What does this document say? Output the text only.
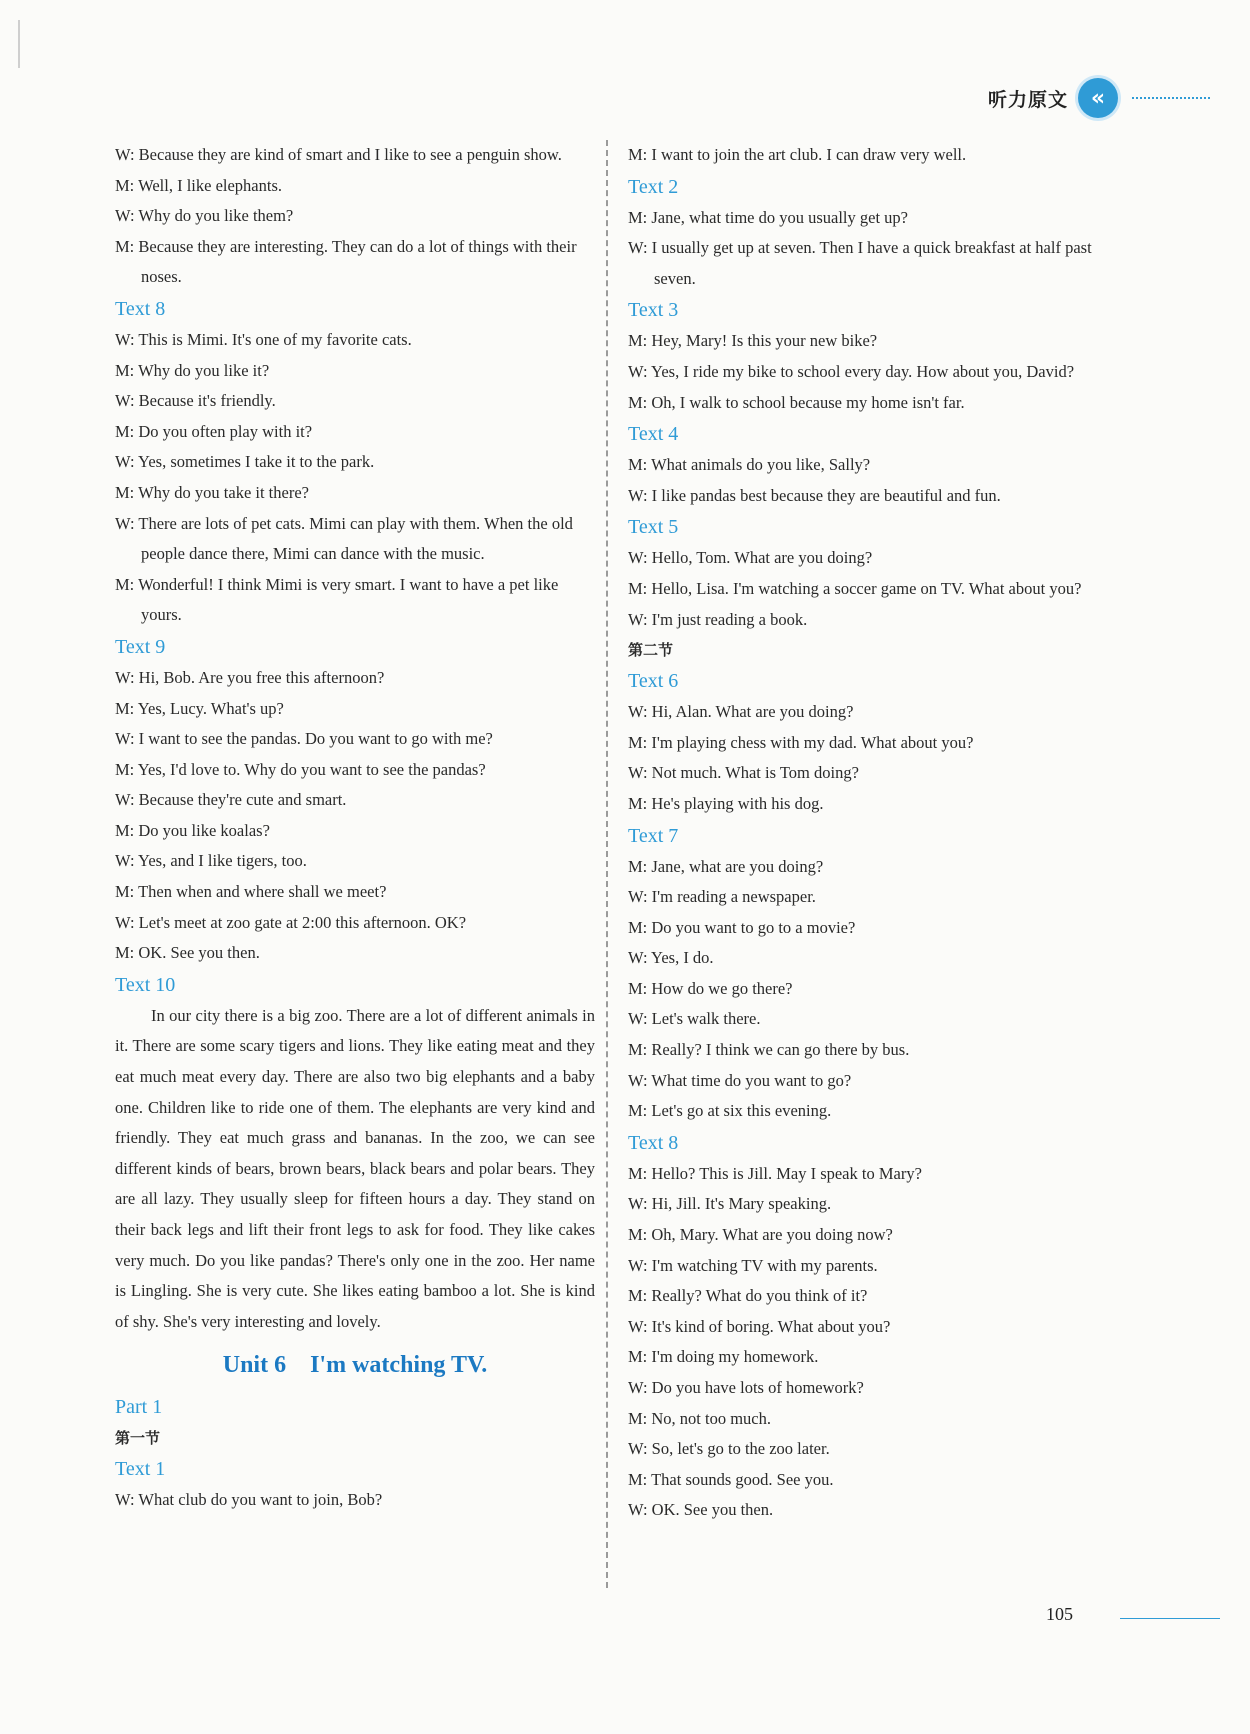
听力原文	«
W: Because they are kind of smart and I like to see a penguin show.
M: Well, I like elephants.
W: Why do you like them?
M: Because they are interesting. They can do a lot of things with their noses.
Text 8
W: This is Mimi. It's one of my favorite cats.
M: Why do you like it?
W: Because it's friendly.
M: Do you often play with it?
W: Yes, sometimes I take it to the park.
M: Why do you take it there?
W: There are lots of pet cats. Mimi can play with them. When the old people dance there, Mimi can dance with the music.
M: Wonderful! I think Mimi is very smart. I want to have a pet like yours.
Text 9
W: Hi, Bob. Are you free this afternoon?
M: Yes, Lucy. What's up?
W: I want to see the pandas. Do you want to go with me?
M: Yes, I'd love to. Why do you want to see the pandas?
W: Because they're cute and smart.
M: Do you like koalas?
W: Yes, and I like tigers, too.
M: Then when and where shall we meet?
W: Let's meet at zoo gate at 2:00 this afternoon. OK?
M: OK. See you then.
Text 10
In our city there is a big zoo. There are a lot of different animals in it. There are some scary tigers and lions. They like eating meat and they eat much meat every day. There are also two big elephants and a baby one. Children like to ride one of them. The elephants are very kind and friendly. They eat much grass and bananas. In the zoo, we can see different kinds of bears, brown bears, black bears and polar bears. They are all lazy. They usually sleep for fifteen hours a day. They stand on their back legs and lift their front legs to ask for food. They like cakes very much. Do you like pandas? There's only one in the zoo. Her name is Lingling. She is very cute. She likes eating bamboo a lot. She is kind of shy. She's very interesting and lovely.
Unit 6　I'm watching TV.
Part 1
第一节
Text 1
W: What club do you want to join, Bob?
M: I want to join the art club. I can draw very well.
Text 2
M: Jane, what time do you usually get up?
W: I usually get up at seven. Then I have a quick breakfast at half past seven.
Text 3
M: Hey, Mary! Is this your new bike?
W: Yes, I ride my bike to school every day. How about you, David?
M: Oh, I walk to school because my home isn't far.
Text 4
M: What animals do you like, Sally?
W: I like pandas best because they are beautiful and fun.
Text 5
W: Hello, Tom. What are you doing?
M: Hello, Lisa. I'm watching a soccer game on TV. What about you?
W: I'm just reading a book.
第二节
Text 6
W: Hi, Alan. What are you doing?
M: I'm playing chess with my dad. What about you?
W: Not much. What is Tom doing?
M: He's playing with his dog.
Text 7
M: Jane, what are you doing?
W: I'm reading a newspaper.
M: Do you want to go to a movie?
W: Yes, I do.
M: How do we go there?
W: Let's walk there.
M: Really? I think we can go there by bus.
W: What time do you want to go?
M: Let's go at six this evening.
Text 8
M: Hello? This is Jill. May I speak to Mary?
W: Hi, Jill. It's Mary speaking.
M: Oh, Mary. What are you doing now?
W: I'm watching TV with my parents.
M: Really? What do you think of it?
W: It's kind of boring. What about you?
M: I'm doing my homework.
W: Do you have lots of homework?
M: No, not too much.
W: So, let's go to the zoo later.
M: That sounds good. See you.
W: OK. See you then.
105
